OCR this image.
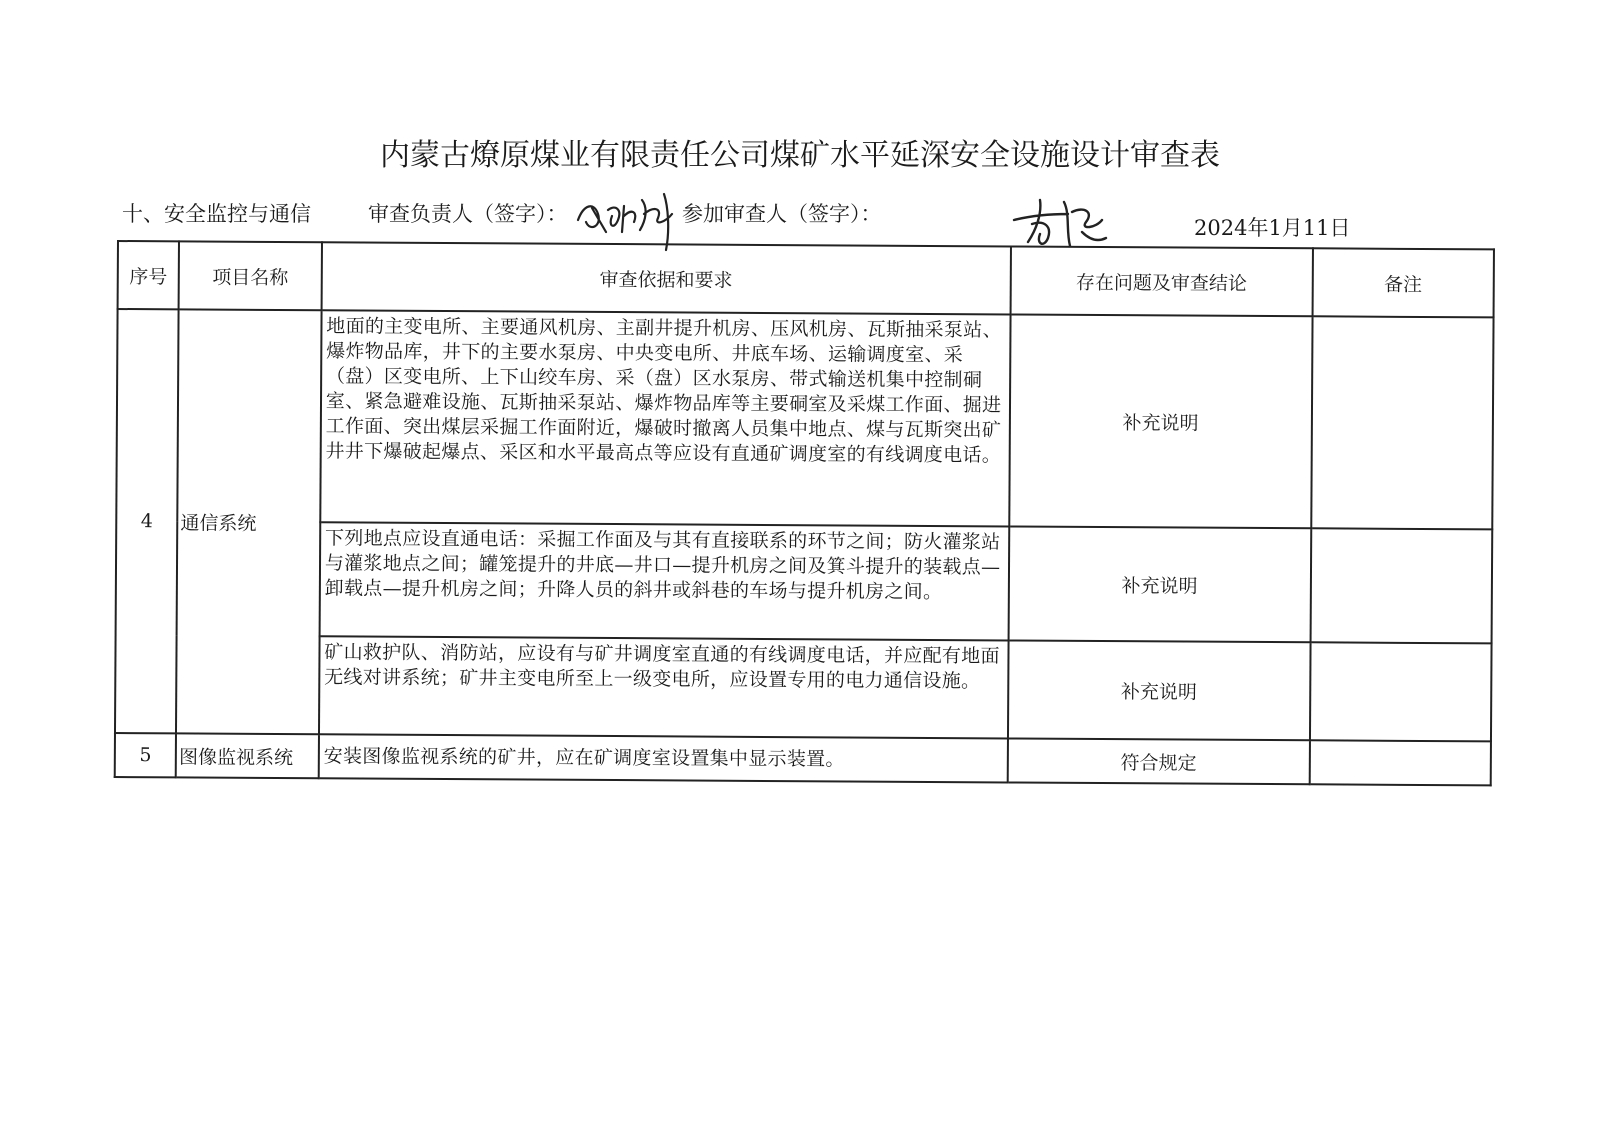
内蒙古燎原煤业有限责任公司煤矿水平延深安全设施设计审查表
十、安全监控与通信	审查负责人（签字）：	参加审查人（签字）：
2024年1月11日
序号	项目名称	审查依据和要求	存在问题及审查结论	备注
4	通信系统	地面的主变电所、主要通风机房、主副井提升机房、压风机房、瓦斯抽采泵站、爆炸物品库，井下的主要水泵房、中央变电所、井底车场、运输调度室、采（盘）区变电所、上下山绞车房、采（盘）区水泵房、带式输送机集中控制硐室、紧急避难设施、瓦斯抽采泵站、爆炸物品库等主要硐室及采煤工作面、掘进工作面、突出煤层采掘工作面附近，爆破时撤离人员集中地点、煤与瓦斯突出矿井井下爆破起爆点、采区和水平最高点等应设有直通矿调度室的有线调度电话。	补充说明	
		下列地点应设直通电话：采掘工作面及与其有直接联系的环节之间；防火灌浆站与灌浆地点之间；罐笼提升的井底—井口—提升机房之间及箕斗提升的装载点—卸载点—提升机房之间；升降人员的斜井或斜巷的车场与提升机房之间。	补充说明	
		矿山救护队、消防站，应设有与矿井调度室直通的有线调度电话，并应配有地面无线对讲系统；矿井主变电所至上一级变电所，应设置专用的电力通信设施。	补充说明	
5	图像监视系统	安装图像监视系统的矿井，应在矿调度室设置集中显示装置。	符合规定	
